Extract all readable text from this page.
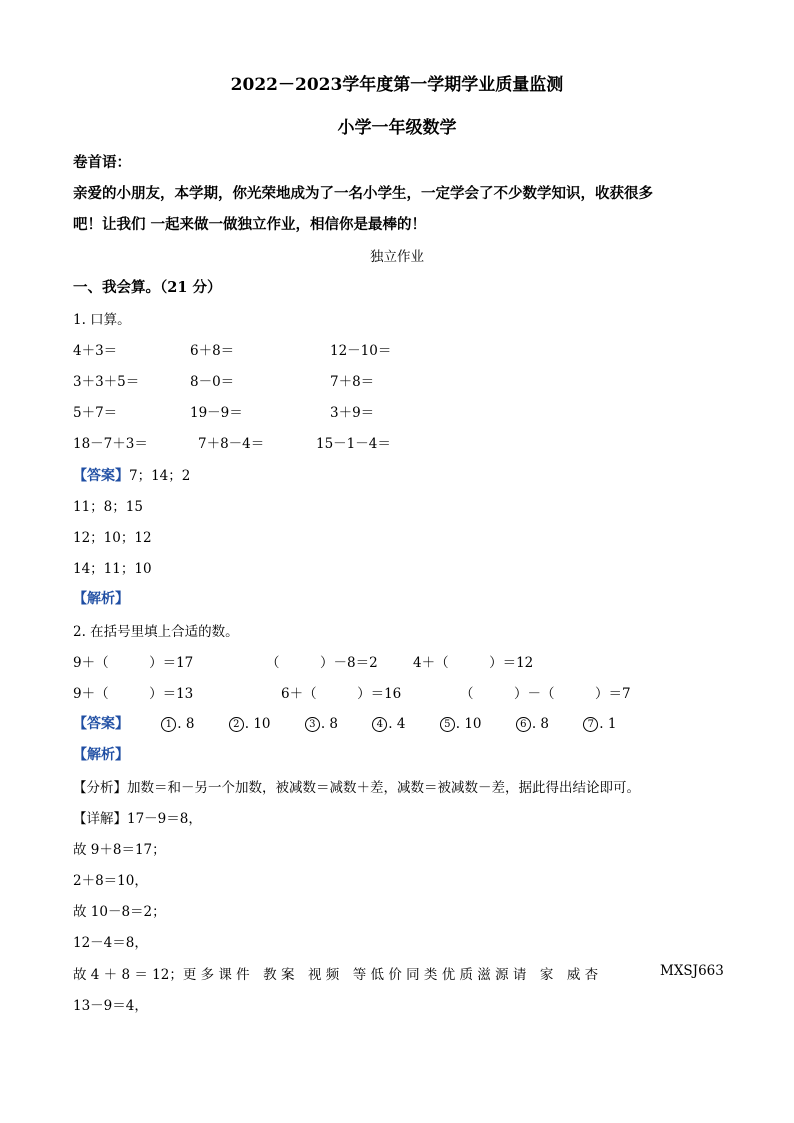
2022－2023学年度第一学期学业质量监测
小学一年级数学
卷首语：
亲爱的小朋友，本学期，你光荣地成为了一名小学生，一定学会了不少数学知识，收获很多
吧！让我们 一起来做一做独立作业，相信你是最棒的！
独立作业
一、我会算。（21 分）
1. 口算。
4＋3＝	6＋8＝	12－10＝
3＋3＋5＝	8－0＝	7＋8＝
5＋7＝	19－9＝	3＋9＝
18－7＋3＝	7＋8－4＝	15－1－4＝
【答案】7；14；2
11；8；15
12；10；12
14；11；10
【解析】
2. 在括号里填上合适的数。
9＋（　　　）＝17	（　　　）－8＝2	4＋（　　　）＝12
9＋（　　　）＝13	6＋（　　　）＝16	（　　　）－（　　　）＝7
【答案】	1 . 8	2 . 10	3 . 8	4 . 4	5 . 10	6 . 8	7 . 1
【解析】
【分析】加数＝和－另一个加数，被减数＝减数＋差，减数＝被减数－差，据此得出结论即可。
【详解】17－9＝8，
故 9＋8＝17；
2＋8＝10，
故 10－8＝2；
12－4＝8，
故 4 ＋ 8 ＝ 12；更 多 课 件　教 案　视 频　等 低 价 同 类 优 质 滋 源 请　家　威 杏	MXSJ663
13－9＝4，
